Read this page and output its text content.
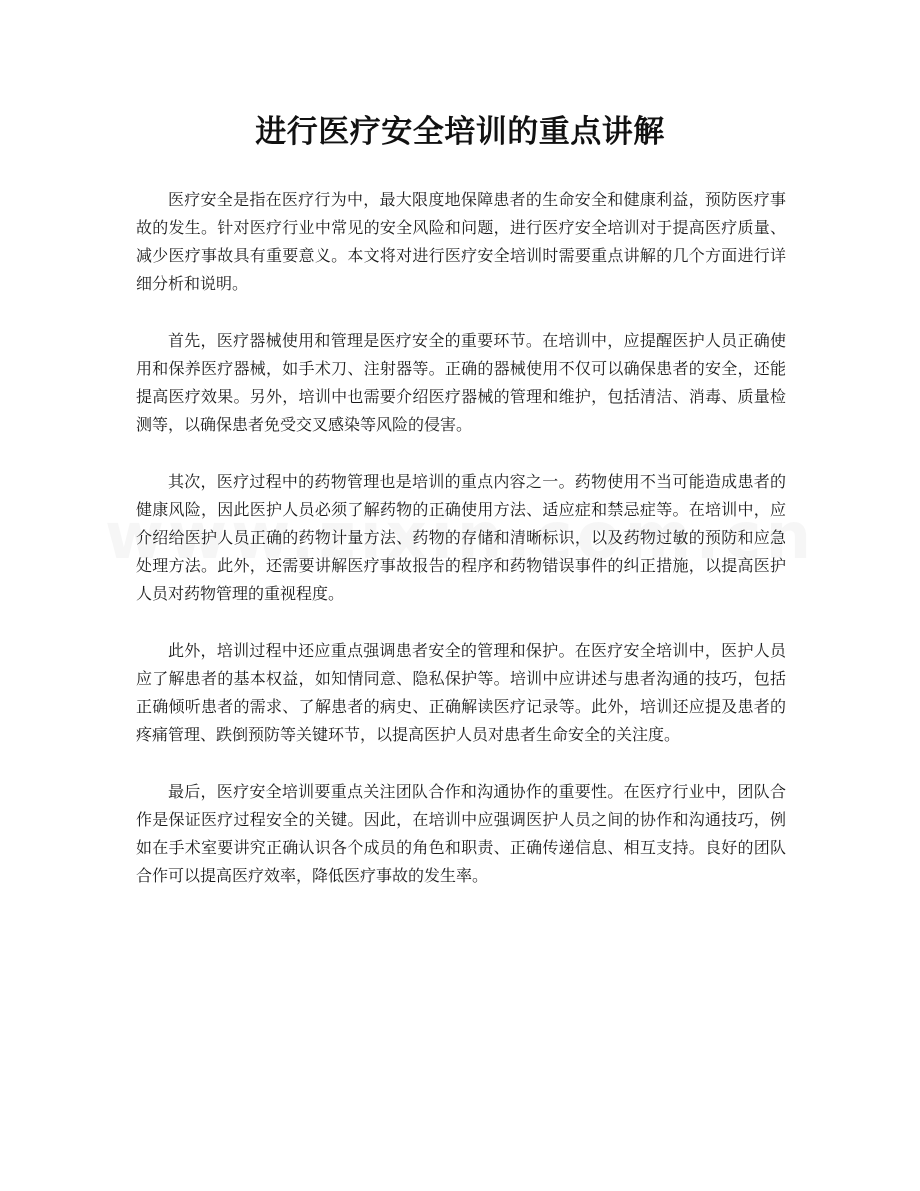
进行医疗安全培训的重点讲解

医疗安全是指在医疗行为中，最大限度地保障患者的生命安全和健康利益，预防医疗事故的发生。针对医疗行业中常见的安全风险和问题，进行医疗安全培训对于提高医疗质量、减少医疗事故具有重要意义。本文将对进行医疗安全培训时需要重点讲解的几个方面进行详细分析和说明。

首先，医疗器械使用和管理是医疗安全的重要环节。在培训中，应提醒医护人员正确使用和保养医疗器械，如手术刀、注射器等。正确的器械使用不仅可以确保患者的安全，还能提高医疗效果。另外，培训中也需要介绍医疗器械的管理和维护，包括清洁、消毒、质量检测等，以确保患者免受交叉感染等风险的侵害。

其次，医疗过程中的药物管理也是培训的重点内容之一。药物使用不当可能造成患者的健康风险，因此医护人员必须了解药物的正确使用方法、适应症和禁忌症等。在培训中，应介绍给医护人员正确的药物计量方法、药物的存储和清晰标识，以及药物过敏的预防和应急处理方法。此外，还需要讲解医疗事故报告的程序和药物错误事件的纠正措施，以提高医护人员对药物管理的重视程度。

此外，培训过程中还应重点强调患者安全的管理和保护。在医疗安全培训中，医护人员应了解患者的基本权益，如知情同意、隐私保护等。培训中应讲述与患者沟通的技巧，包括正确倾听患者的需求、了解患者的病史、正确解读医疗记录等。此外，培训还应提及患者的疼痛管理、跌倒预防等关键环节，以提高医护人员对患者生命安全的关注度。

最后，医疗安全培训要重点关注团队合作和沟通协作的重要性。在医疗行业中，团队合作是保证医疗过程安全的关键。因此，在培训中应强调医护人员之间的协作和沟通技巧，例如在手术室要讲究正确认识各个成员的角色和职责、正确传递信息、相互支持。良好的团队合作可以提高医疗效率，降低医疗事故的发生率。
